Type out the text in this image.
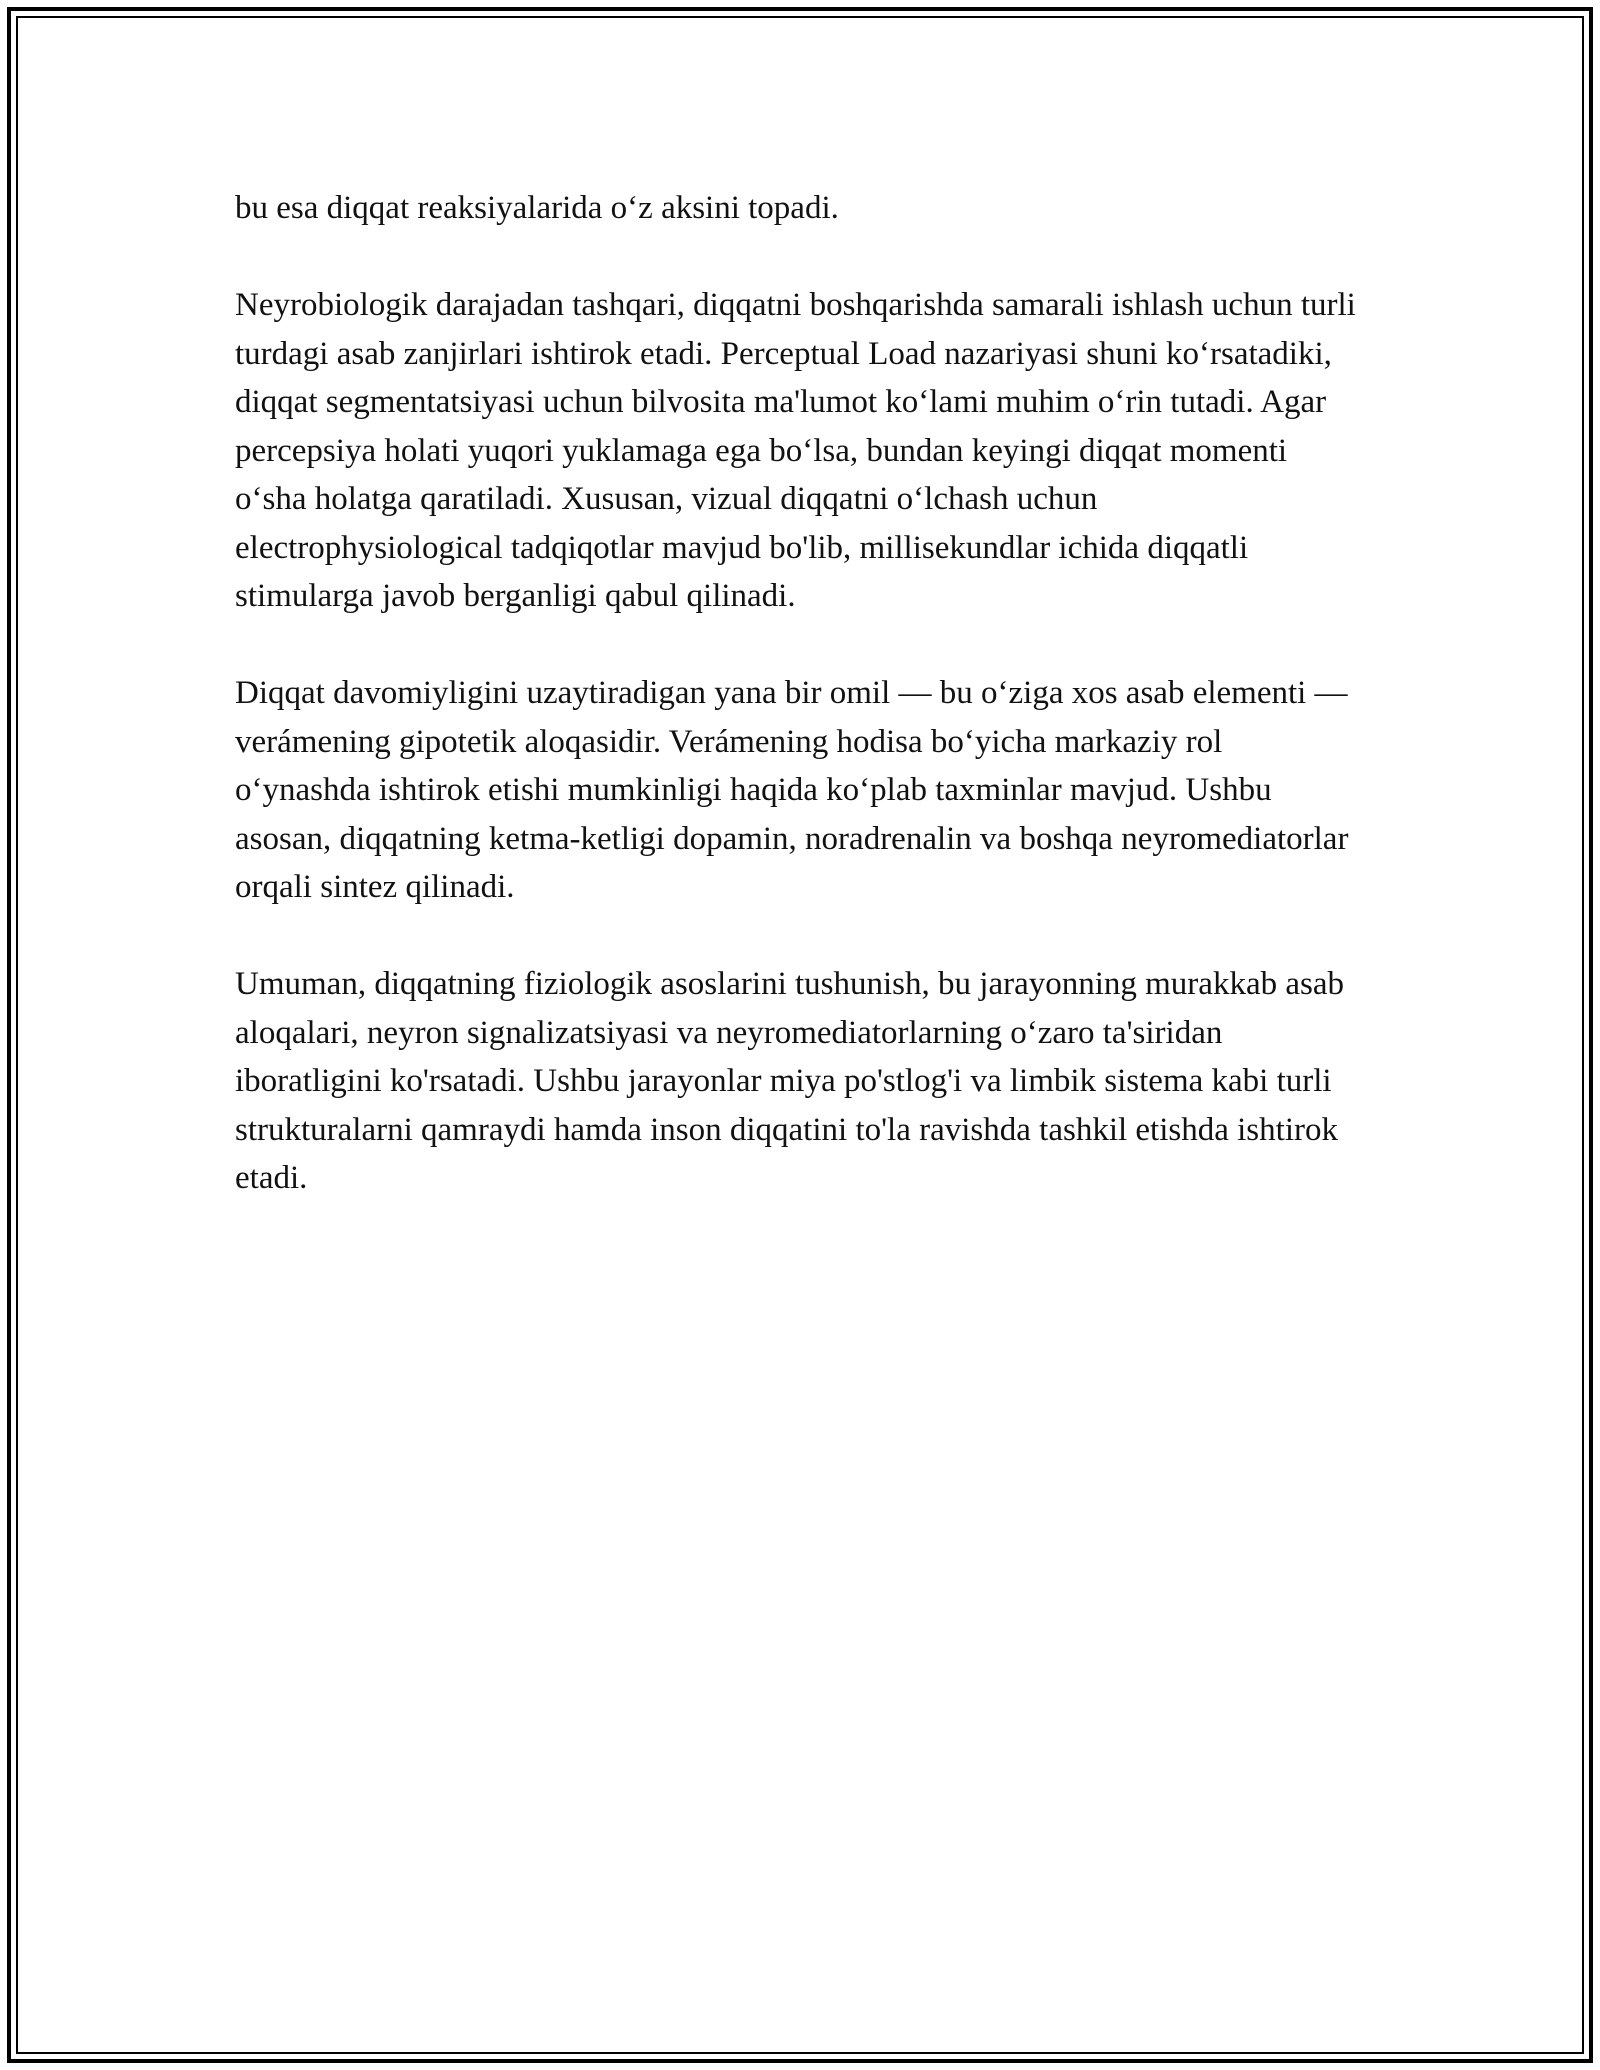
bu esa diqqat reaksiyalarida o‘z aksini topadi.

Neyrobiologik darajadan tashqari, diqqatni boshqarishda samarali ishlash uchun turli turdagi asab zanjirlari ishtirok etadi. Perceptual Load nazariyasi shuni ko‘rsatadiki, diqqat segmentatsiyasi uchun bilvosita ma'lumot ko‘lami muhim o‘rin tutadi. Agar percepsiya holati yuqori yuklamaga ega bo‘lsa, bundan keyingi diqqat momenti o‘sha holatga qaratiladi. Xususan, vizual diqqatni o‘lchash uchun electrophysiological tadqiqotlar mavjud bo'lib, millisekundlar ichida diqqatli stimularga javob berganligi qabul qilinadi.

Diqqat davomiyligini uzaytiradigan yana bir omil — bu o‘ziga xos asab elementi — verámening gipotetik aloqasidir. Verámening hodisa bo‘yicha markaziy rol o‘ynashda ishtirok etishi mumkinligi haqida ko‘plab taxminlar mavjud. Ushbu asosan, diqqatning ketma-ketligi dopamin, noradrenalin va boshqa neyromediatorlar orqali sintez qilinadi.

Umuman, diqqatning fiziologik asoslarini tushunish, bu jarayonning murakkab asab aloqalari, neyron signalizatsiyasi va neyromediatorlarning o‘zaro ta'siridan iboratligini ko'rsatadi. Ushbu jarayonlar miya po'stlog'i va limbik sistema kabi turli strukturalarni qamraydi hamda inson diqqatini to'la ravishda tashkil etishda ishtirok etadi.
